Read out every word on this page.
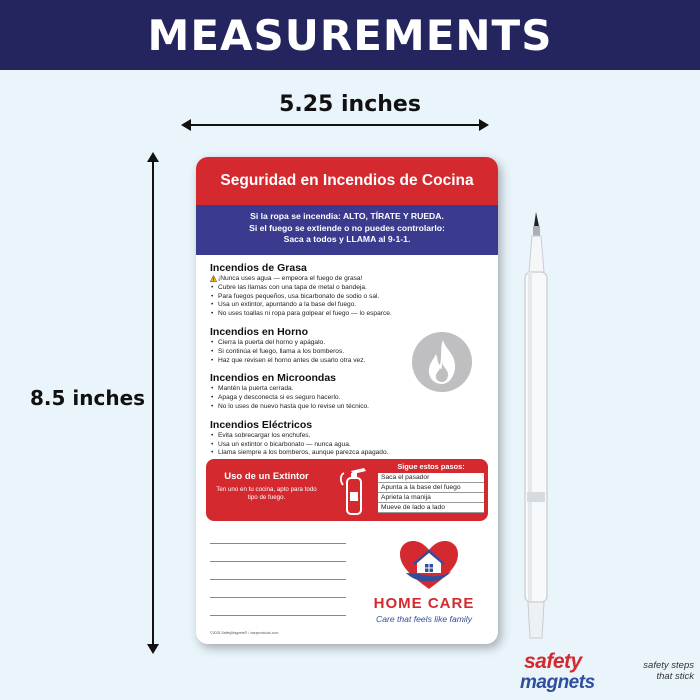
MEASUREMENTS
5.25 inches
8.5 inches
Seguridad en Incendios de Cocina
Si la ropa se incendia: ALTO, TÍRATE Y RUEDA.
Si el fuego se extiende o no puedes controlarlo:
Saca a todos y LLAMA al 9-1-1.
Incendios de Grasa
¡Nunca uses agua — empeora el fuego de grasa!
• Cubre las llamas con una tapa de metal o bandeja.
• Para fuegos pequeños, usa bicarbonato de sodio o sal.
• Usa un extintor, apuntando a la base del fuego.
• No uses toallas ni ropa para golpear el fuego — lo esparce.
Incendios en Horno
• Cierra la puerta del horno y apágalo.
• Si continúa el fuego, llama a los bomberos.
• Haz que revisen el horno antes de usarlo otra vez.
Incendios en Microondas
• Mantén la puerta cerrada.
• Apaga y desconecta si es seguro hacerlo.
• No lo uses de nuevo hasta que lo revise un técnico.
Incendios Eléctricos
• Evita sobrecargar los enchufes.
• Usa un extintor o bicarbonato — nunca agua.
• Llama siempre a los bomberos, aunque parezca apagado.
Uso de un Extintor
Ten uno en tu cocina, apto para todo tipo de fuego.
Sigue estos pasos:
Saca el pasador
Apunta a la base del fuego
Aprieta la manija
Mueve de lado a lado
HOME CARE
Care that feels like family
©2025 SafetyMagnets® / zazzproducts.com
safety
magnets
safety steps
that stick
